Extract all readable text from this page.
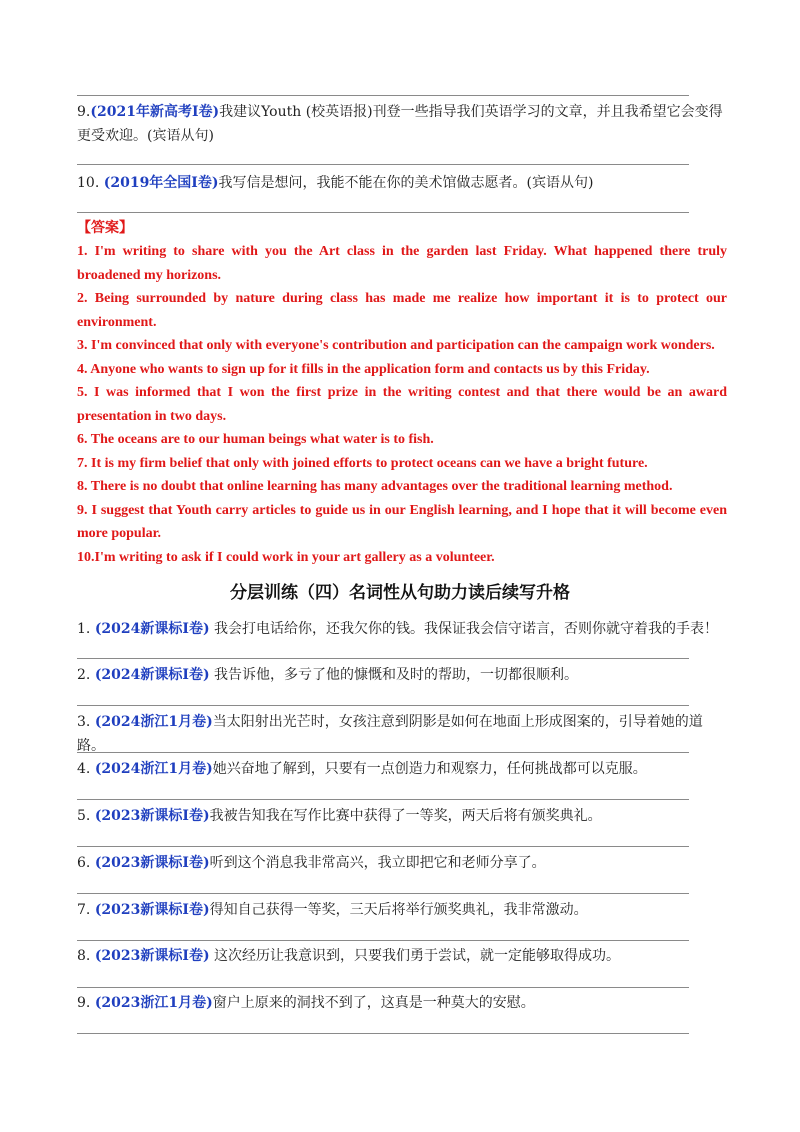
9.(2021年新高考Ⅰ卷)我建议Youth (校英语报)刊登一些指导我们英语学习的文章，并且我希望它会变得更受欢迎。(宾语从句)
10. (2019年全国Ⅰ卷)我写信是想问，我能不能在你的美术馆做志愿者。(宾语从句)
【答案】
1. I'm writing to share with you the Art class in the garden last Friday. What happened there truly broadened my horizons.
2. Being surrounded by nature during class has made me realize how important it is to protect our environment.
3. I'm convinced that only with everyone's contribution and participation can the campaign work wonders.
4. Anyone who wants to sign up for it fills in the application form and contacts us by this Friday.
5. I was informed that I won the first prize in the writing contest and that there would be an award presentation in two days.
6. The oceans are to our human beings what water is to fish.
7. It is my firm belief that only with joined efforts to protect oceans can we have a bright future.
8. There is no doubt that online learning has many advantages over the traditional learning method.
9. I suggest that Youth carry articles to guide us in our English learning, and I hope that it will become even more popular.
10.I'm writing to ask if I could work in your art gallery as a volunteer.
分层训练（四）名词性从句助力读后续写升格
1. (2024新课标I卷) 我会打电话给你，还我欠你的钱。我保证我会信守诺言，否则你就守着我的手表！
2. (2024新课标I卷) 我告诉他，多亏了他的慷慨和及时的帮助，一切都很顺利。
3. (2024浙江1月卷)当太阳射出光芒时，女孩注意到阴影是如何在地面上形成图案的，引导着她的道路。
4. (2024浙江1月卷)她兴奋地了解到，只要有一点创造力和观察力，任何挑战都可以克服。
5. (2023新课标I卷)我被告知我在写作比赛中获得了一等奖，两天后将有颁奖典礼。
6. (2023新课标I卷)听到这个消息我非常高兴，我立即把它和老师分享了。
7. (2023新课标I卷)得知自己获得一等奖，三天后将举行颁奖典礼，我非常激动。
8. (2023新课标I卷) 这次经历让我意识到，只要我们勇于尝试，就一定能够取得成功。
9. (2023浙江1月卷)窗户上原来的洞找不到了，这真是一种莫大的安慰。
